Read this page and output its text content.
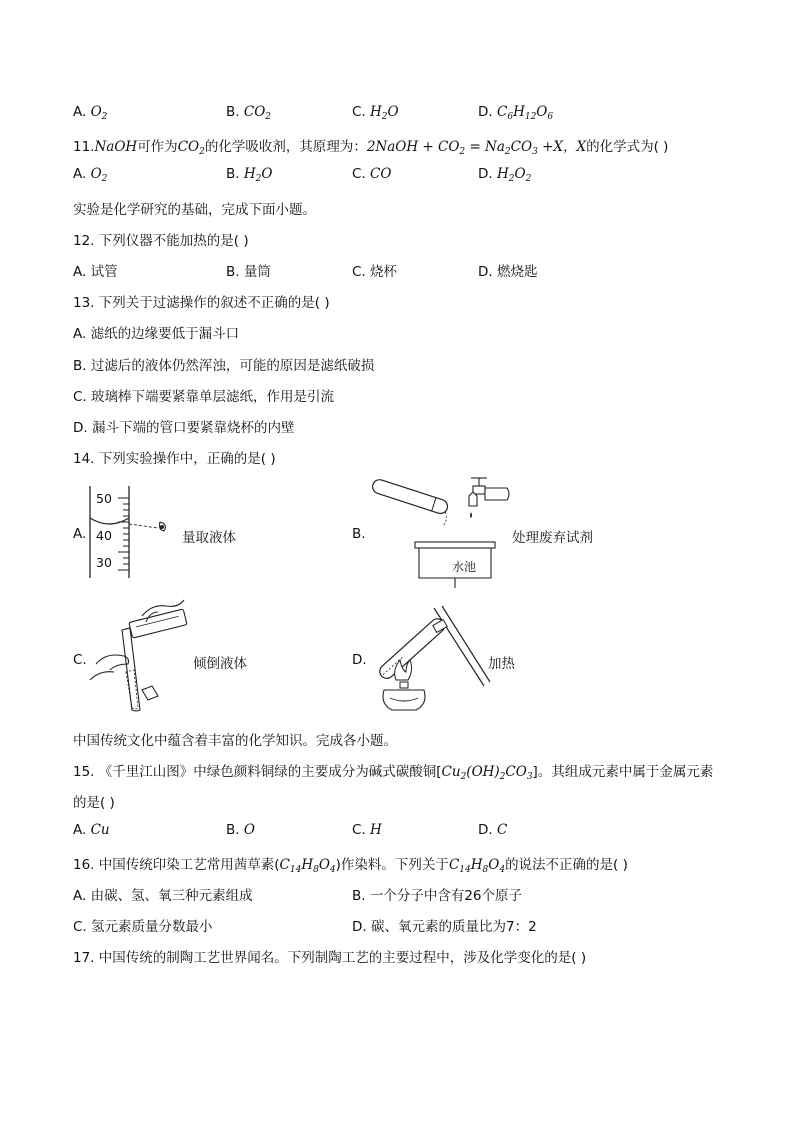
A. $O_2$	B. $CO_2$	C. $H_2O$	D. $C_6H_{12}O_6$
11.NaOH可作为$CO_2$的化学吸收剂，其原理为：2NaOH + $CO_2 = Na_2CO_3 +X$，X的化学式为( )
A. $O_2$	B. $H_2O$	C. CO	D. $H_2O_2$
实验是化学研究的基础，完成下面小题。
12. 下列仪器不能加热的是( )
A. 试管	B. 量筒	C. 烧杯	D. 燃烧匙
13. 下列关于过滤操作的叙述不正确的是( )
A. 滤纸的边缘要低于漏斗口
B. 过滤后的液体仍然浑浊，可能的原因是滤纸破损
C. 玻璃棒下端要紧靠单层滤纸，作用是引流
D. 漏斗下端的管口要紧靠烧杯的内壁
14. 下列实验操作中，正确的是( )
A.
50
40
30
量取液体	B.
水池
处理废弃试剂
C.	倾倒液体	D.	加热
中国传统文化中蕴含着丰富的化学知识。完成各小题。
15. 《千里江山图》中绿色颜料铜绿的主要成分为碱式碳酸铜$[Cu_2(OH)_2CO_3]$。其组成元素中属于金属元素
的是( )
A. Cu	B. O	C. H	D. C
16. 中国传统印染工艺常用茜草素$(C_{14}H_8O_4)$作染料。下列关于$C_{14}H_8O_4$的说法不正确的是( )
A. 由碳、氢、氧三种元素组成	B. 一个分子中含有26个原子
C. 氢元素质量分数最小	D. 碳、氧元素的质量比为7：2
17. 中国传统的制陶工艺世界闻名。下列制陶工艺的主要过程中，涉及化学变化的是( )
